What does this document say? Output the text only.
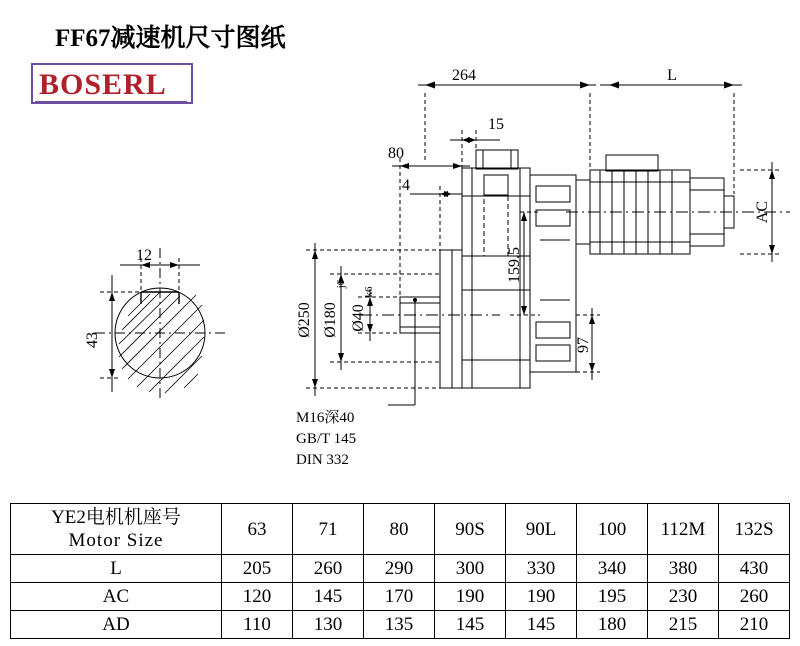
FF67减速机尺寸图纸
BOSERL	264	L
15
80
4
AC
159.5
97
Ø250 Ø180
j6
Ø40
k6
12
43
M16深40
GB/T 145
DIN 332
YE2电机机座号
Motor Size	63	71	80	90S	90L	100	112M	132S
L	205	260	290	300	330	340	380	430
AC	120	145	170	190	190	195	230	260
AD	110	130	135	145	145	180	215	210
